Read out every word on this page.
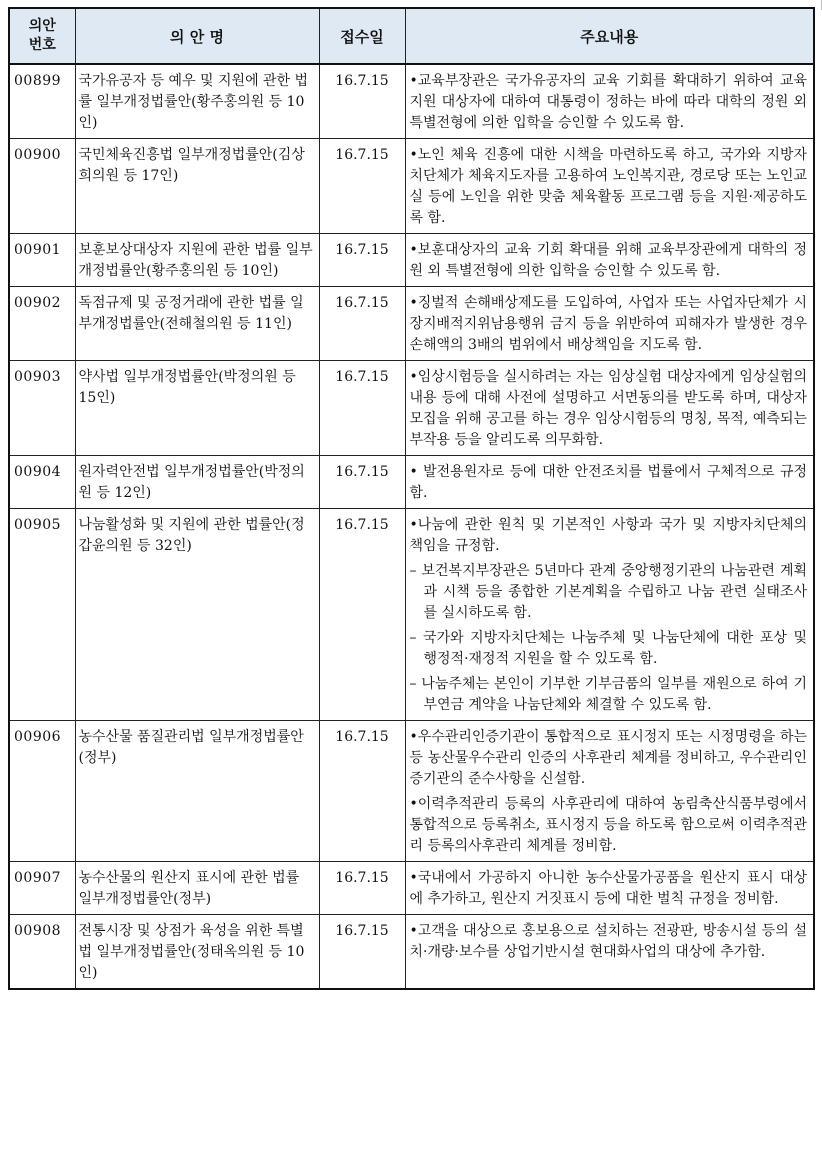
의안
번호	의 안 명	접수일	주요내용
00899	국가유공자 등 예우 및 지원에 관한 법률 일부개정법률안(황주홍의원 등 10인)	16.7.15	• 교육부장관은 국가유공자의 교육 기회를 확대하기 위하여 교육지원 대상자에 대하여 대통령이 정하는 바에 따라 대학의 정원 외 특별전형에 의한 입학을 승인할 수 있도록 함.

00900	국민체육진흥법 일부개정법률안(김상희의원 등 17인)	16.7.15	• 노인 체육 진흥에 대한 시책을 마련하도록 하고, 국가와 지방자치단체가 체육지도자를 고용하여 노인복지관, 경로당 또는 노인교실 등에 노인을 위한 맞춤 체육활동 프로그램 등을 지원·제공하도록 함.

00901	보훈보상대상자 지원에 관한 법률 일부개정법률안(황주홍의원 등 10인)	16.7.15	• 보훈대상자의 교육 기회 확대를 위해 교육부장관에게 대학의 정원 외 특별전형에 의한 입학을 승인할 수 있도록 함.

00902	독점규제 및 공정거래에 관한 법률 일부개정법률안(전해철의원 등 11인)	16.7.15	• 징벌적 손해배상제도를 도입하여, 사업자 또는 사업자단체가 시장지배적지위남용행위 금지 등을 위반하여 피해자가 발생한 경우 손해액의 3배의 범위에서 배상책임을 지도록 함.

00903	약사법 일부개정법률안(박정의원 등 15인)	16.7.15	• 임상시험등을 실시하려는 자는 임상실험 대상자에게 임상실험의 내용 등에 대해 사전에 설명하고 서면동의를 받도록 하며, 대상자 모집을 위해 공고를 하는 경우 임상시험등의 명칭, 목적, 예측되는 부작용 등을 알리도록 의무화함.

00904	원자력안전법 일부개정법률안(박정의원 등 12인)	16.7.15	• 발전용원자로 등에 대한 안전조치를 법률에서 구체적으로 규정함.

00905	나눔활성화 및 지원에 관한 법률안(정갑윤의원 등 32인)	16.7.15	• 나눔에 관한 원칙 및 기본적인 사항과 국가 및 지방자치단체의 책임을 규정함.
– 보건복지부장관은 5년마다 관계 중앙행정기관의 나눔관련 계획과 시책 등을 종합한 기본계획을 수립하고 나눔 관련 실태조사를 실시하도록 함.
– 국가와 지방자치단체는 나눔주체 및 나눔단체에 대한 포상 및 행정적·재정적 지원을 할 수 있도록 함.
– 나눔주체는 본인이 기부한 기부금품의 일부를 재원으로 하여 기부연금 계약을 나눔단체와 체결할 수 있도록 함.

00906	농수산물 품질관리법 일부개정법률안(정부)	16.7.15	• 우수관리인증기관이 통합적으로 표시정지 또는 시정명령을 하는 등 농산물우수관리 인증의 사후관리 체계를 정비하고, 우수관리인증기관의 준수사항을 신설함.
• 이력추적관리 등록의 사후관리에 대하여 농림축산식품부령에서 통합적으로 등록취소, 표시정지 등을 하도록 함으로써 이력추적관리 등록의사후관리 체계를 정비함.

00907	농수산물의 원산지 표시에 관한 법률 일부개정법률안(정부)	16.7.15	• 국내에서 가공하지 아니한 농수산물가공품을 원산지 표시 대상에 추가하고, 원산지 거짓표시 등에 대한 벌칙 규정을 정비함.

00908	전통시장 및 상점가 육성을 위한 특별법 일부개정법률안(정태옥의원 등 10인)	16.7.15	• 고객을 대상으로 홍보용으로 설치하는 전광판, 방송시설 등의 설치·개량·보수를 상업기반시설 현대화사업의 대상에 추가함.
